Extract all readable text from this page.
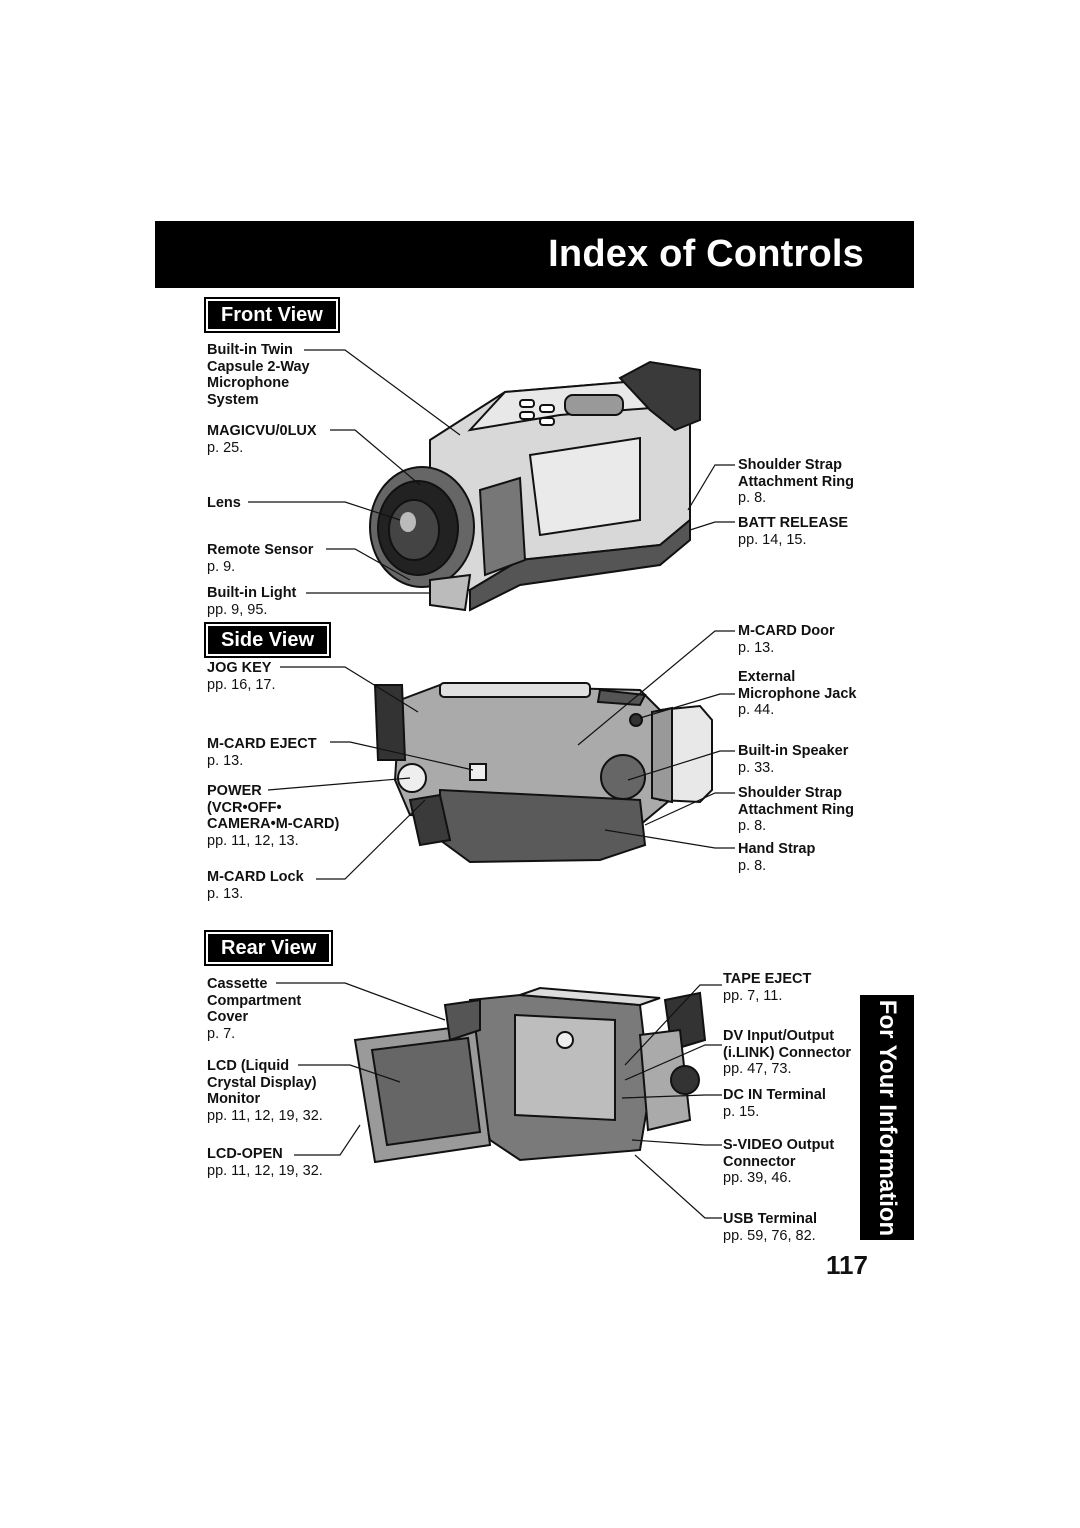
Index of Controls
Front View
Side View
Rear View
Built-in Twin
Capsule 2-Way
Microphone
System
MAGICVU/0LUX
p. 25.
Lens
Remote Sensor
p. 9.
Built-in Light
pp. 9, 95.
Shoulder Strap
Attachment Ring
p. 8.
BATT RELEASE
pp. 14, 15.
JOG KEY
pp. 16, 17.
M-CARD EJECT
p. 13.
POWER
(VCR•OFF•
CAMERA•M-CARD)
pp. 11, 12, 13.
M-CARD Lock
p. 13.
M-CARD Door
p. 13.
External
Microphone Jack
p. 44.
Built-in Speaker
p. 33.
Shoulder Strap
Attachment Ring
p. 8.
Hand Strap
p. 8.
Cassette
Compartment
Cover
p. 7.
LCD (Liquid
Crystal Display)
Monitor
pp. 11, 12, 19, 32.
LCD-OPEN
pp. 11, 12, 19, 32.
TAPE EJECT
pp. 7, 11.
DV Input/Output
(i.LINK) Connector
pp. 47, 73.
DC IN Terminal
p. 15.
S-VIDEO Output
Connector
pp. 39, 46.
USB Terminal
pp. 59, 76, 82. For Your Information
117
